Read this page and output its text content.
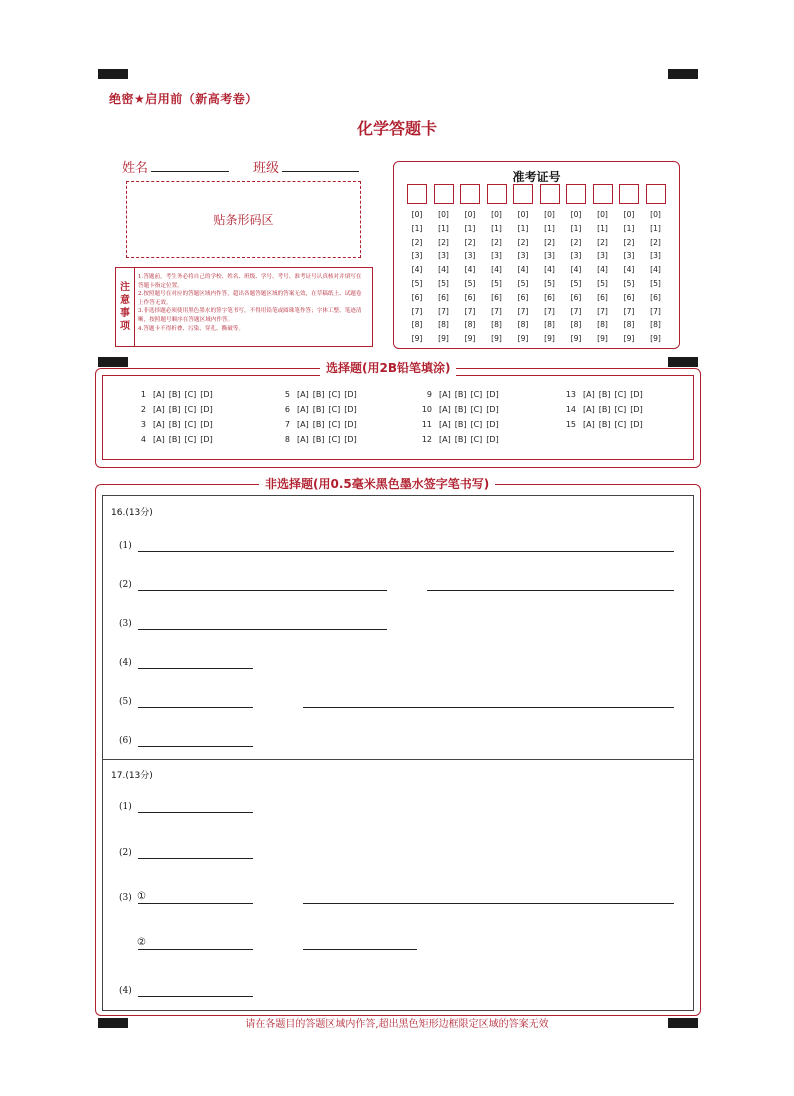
绝密★启用前（新高考卷）
化学答题卡
姓名	班级
贴条形码区
注
意
事
项
1.答题前，考生务必将自己的学校、姓名、班级、学号、考号、准考证号认真核对并填写在答题卡指定位置。
2.按照题号在对应的答题区域内作答，超出各题答题区域的答案无效，在草稿纸上、试题卷上作答无效。
3.非选择题必须使用黑色墨水的签字笔书写，不得用铅笔或圆珠笔作答；字体工整、笔迹清晰，按照题号顺序在答题区域内作答。
4.答题卡不得折叠、污染、穿孔、撕破等。
准考证号
[0]
[1]
[2]
[3]
[4]
[5]
[6]
[7]
[8]
[9]
[0]
[1]
[2]
[3]
[4]
[5]
[6]
[7]
[8]
[9]
[0]
[1]
[2]
[3]
[4]
[5]
[6]
[7]
[8]
[9]
[0]
[1]
[2]
[3]
[4]
[5]
[6]
[7]
[8]
[9]
[0]
[1]
[2]
[3]
[4]
[5]
[6]
[7]
[8]
[9]
[0]
[1]
[2]
[3]
[4]
[5]
[6]
[7]
[8]
[9]
[0]
[1]
[2]
[3]
[4]
[5]
[6]
[7]
[8]
[9]
[0]
[1]
[2]
[3]
[4]
[5]
[6]
[7]
[8]
[9]
[0]
[1]
[2]
[3]
[4]
[5]
[6]
[7]
[8]
[9]
[0]
[1]
[2]
[3]
[4]
[5]
[6]
[7]
[8]
[9]
选择题(用2B铅笔填涂)
1 [A] [B] [C] [D]
2 [A] [B] [C] [D]
3 [A] [B] [C] [D]
4 [A] [B] [C] [D]
5 [A] [B] [C] [D]
6 [A] [B] [C] [D]
7 [A] [B] [C] [D]
8 [A] [B] [C] [D]
9 [A] [B] [C] [D]
10 [A] [B] [C] [D]
11 [A] [B] [C] [D]
12 [A] [B] [C] [D]
13 [A] [B] [C] [D]
14 [A] [B] [C] [D]
15 [A] [B] [C] [D]
非选择题(用0.5毫米黑色墨水签字笔书写)
16.(13分)
(1)
(2)
(3)
(4)
(5)
(6)
17.(13分)
(1)
(2)
(3) ①
②
(4)
请在各题目的答题区域内作答,超出黑色矩形边框限定区域的答案无效
